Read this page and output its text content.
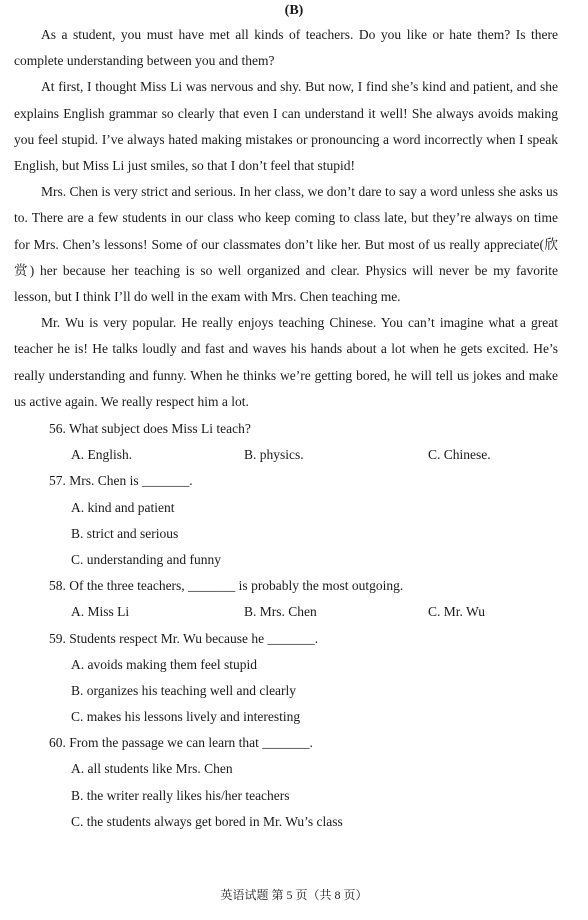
(B)

As a student, you must have met all kinds of teachers. Do you like or hate them? Is there complete understanding between you and them?

At first, I thought Miss Li was nervous and shy. But now, I find she’s kind and patient, and she explains English grammar so clearly that even I can understand it well! She always avoids making you feel stupid. I’ve always hated making mistakes or pronouncing a word incorrectly when I speak English, but Miss Li just smiles, so that I don’t feel that stupid!

Mrs. Chen is very strict and serious. In her class, we don’t dare to say a word unless she asks us to. There are a few students in our class who keep coming to class late, but they’re always on time for Mrs. Chen’s lessons! Some of our classmates don’t like her. But most of us really appreciate(欣赏) her because her teaching is so well organized and clear. Physics will never be my favorite lesson, but I think I’ll do well in the exam with Mrs. Chen teaching me.

Mr. Wu is very popular. He really enjoys teaching Chinese. You can’t imagine what a great teacher he is! He talks loudly and fast and waves his hands about a lot when he gets excited. He’s really understanding and funny. When he thinks we’re getting bored, he will tell us jokes and make us active again. We really respect him a lot.

56. What subject does Miss Li teach?
A. English.	B. physics.	C. Chinese.
57. Mrs. Chen is _______.
A. kind and patient
B. strict and serious
C. understanding and funny
58. Of the three teachers, _______ is probably the most outgoing.
A. Miss Li	B. Mrs. Chen	C. Mr. Wu
59. Students respect Mr. Wu because he _______.
A. avoids making them feel stupid
B. organizes his teaching well and clearly
C. makes his lessons lively and interesting
60. From the passage we can learn that _______.
A. all students like Mrs. Chen
B. the writer really likes his/her teachers
C. the students always get bored in Mr. Wu’s class
英语试题 第 5 页（共 8 页）
